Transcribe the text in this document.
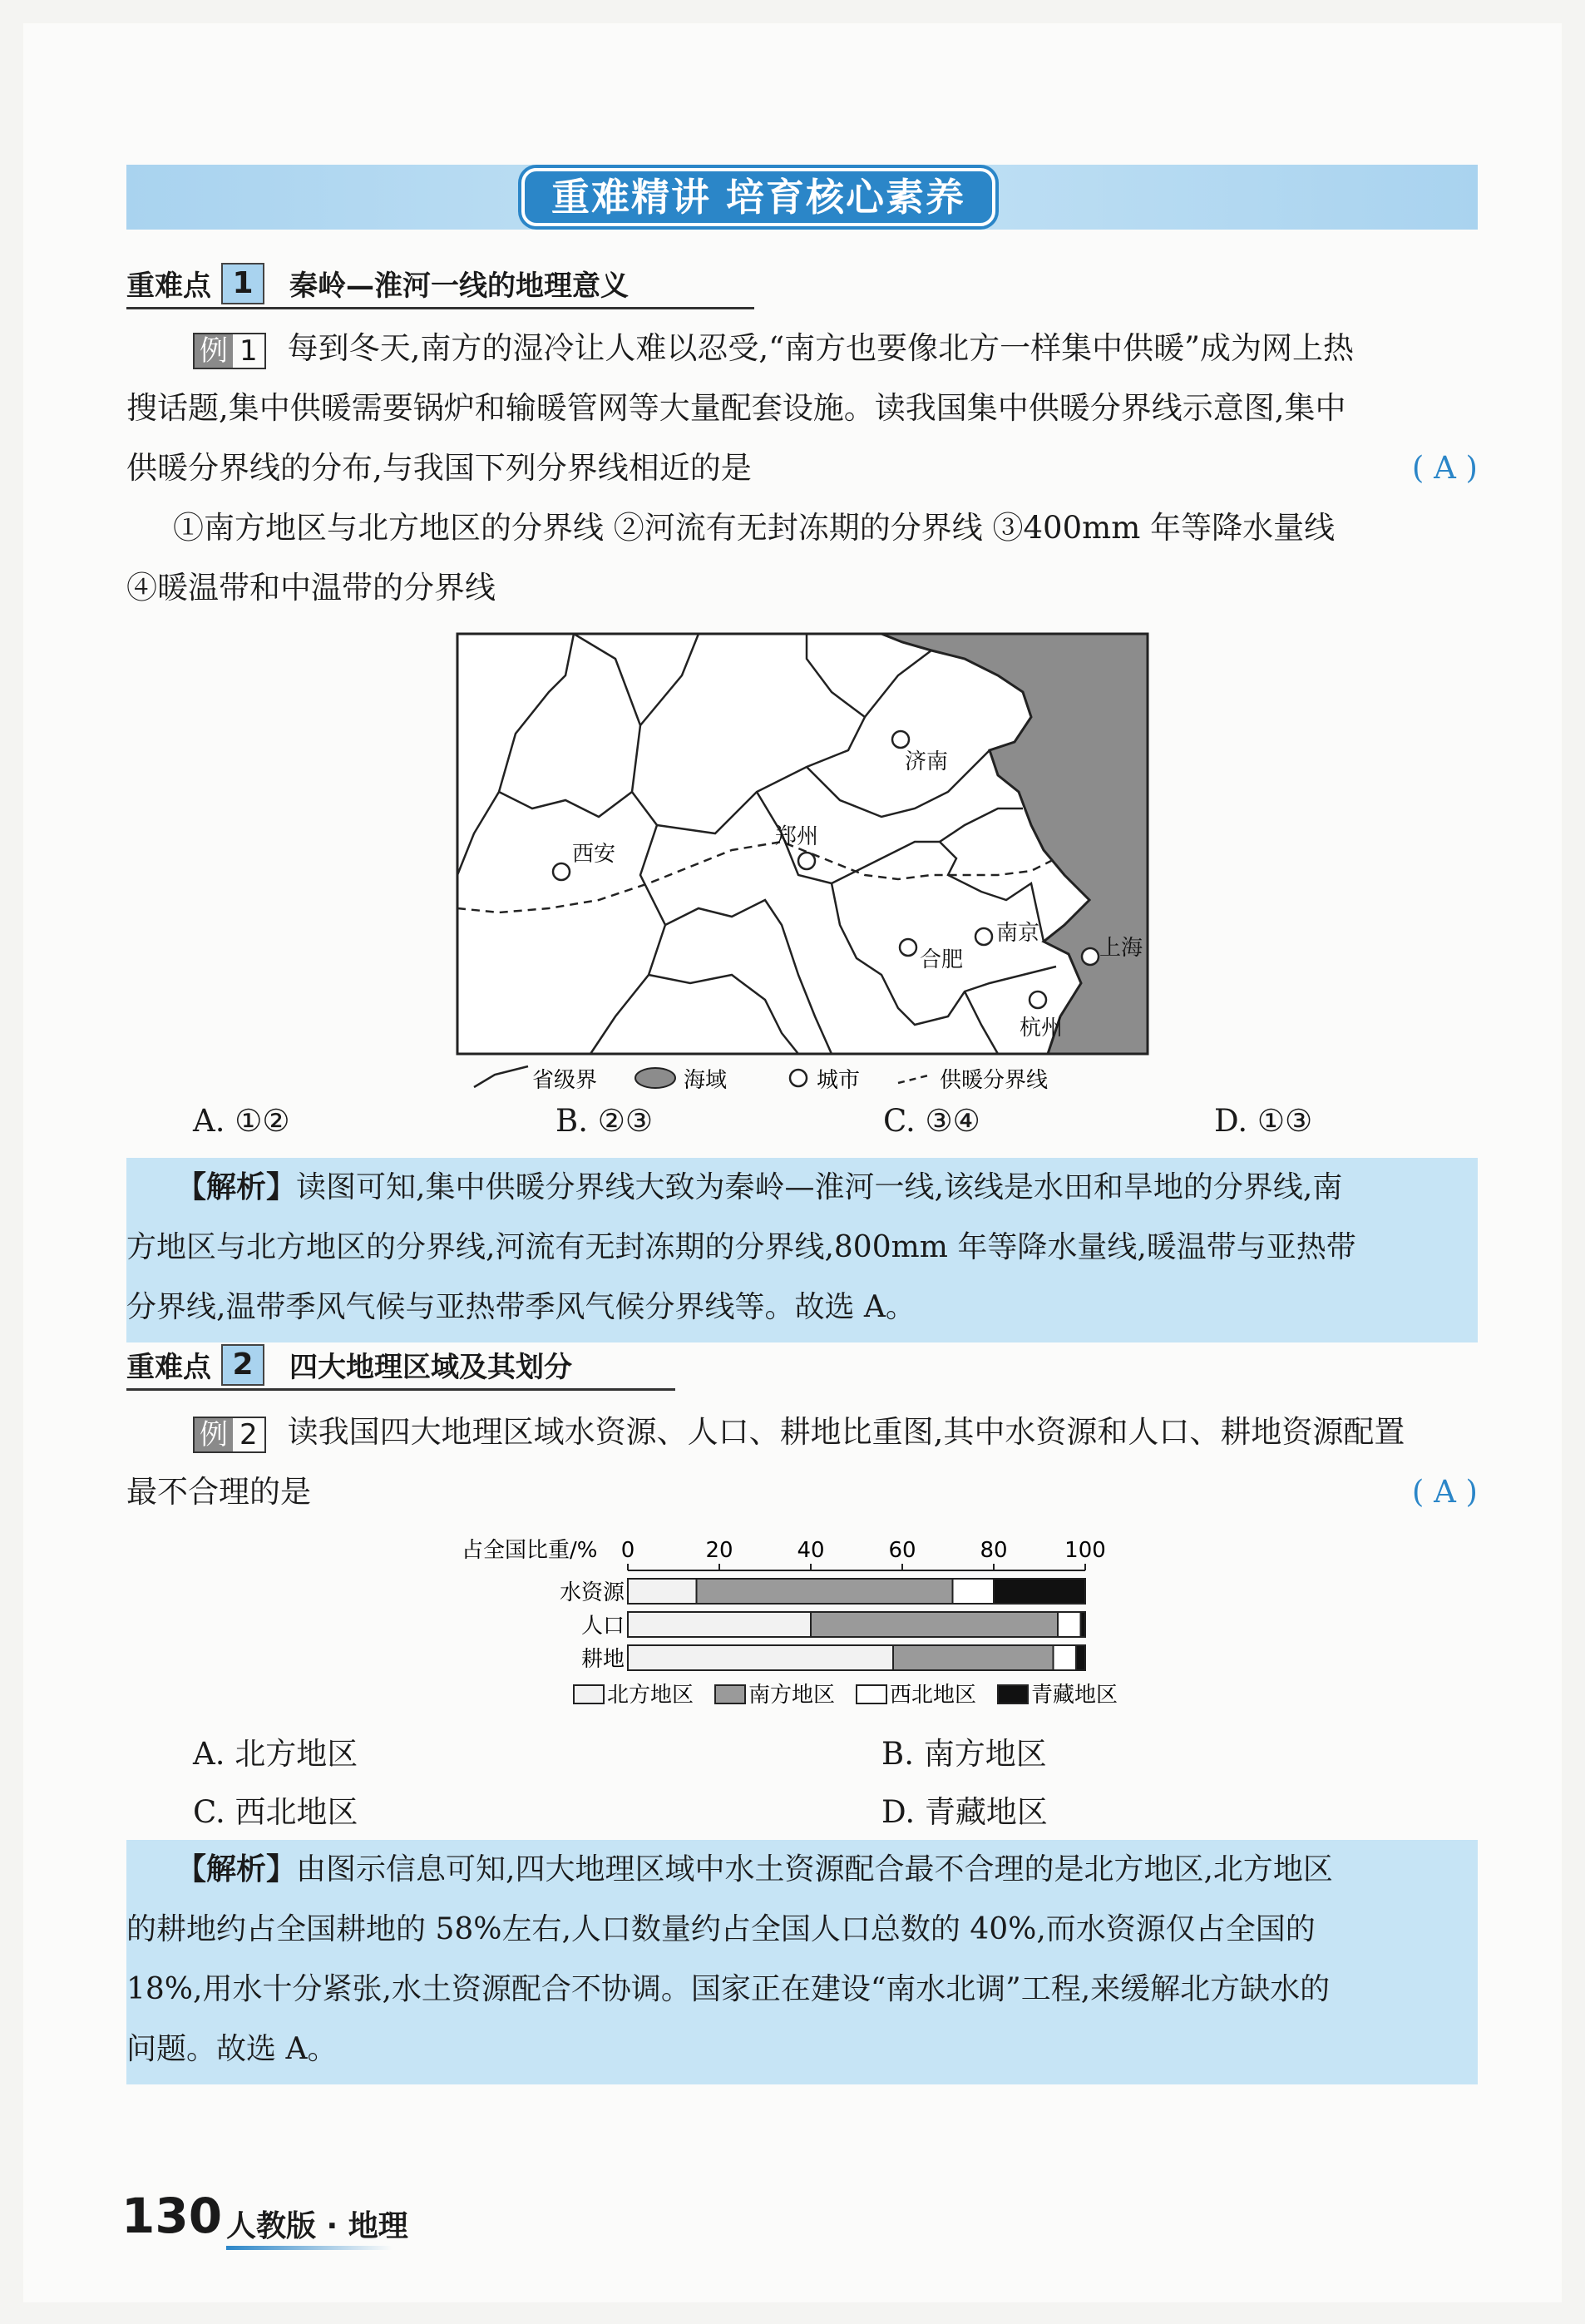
重难精讲 培育核心素养
重难点 1	秦岭—淮河一线的地理意义
例 1 每到冬天,南方的湿冷让人难以忍受,“南方也要像北方一样集中供暖”成为网上热
搜话题,集中供暖需要锅炉和输暖管网等大量配套设施。读我国集中供暖分界线示意图,集中
供暖分界线的分布,与我国下列分界线相近的是	( A )
①南方地区与北方地区的分界线 ②河流有无封冻期的分界线 ③400mm 年等降水量线
④暖温带和中温带的分界线
济南
郑州
西安
南京
合肥	上海
杭州
省级界	海域	城市	供暖分界线
A. ①②	B. ②③	C. ③④	D. ①③
【解析】读图可知,集中供暖分界线大致为秦岭—淮河一线,该线是水田和旱地的分界线,南
方地区与北方地区的分界线,河流有无封冻期的分界线,800mm 年等降水量线,暖温带与亚热带
分界线,温带季风气候与亚热带季风气候分界线等。故选 A。
重难点 2	四大地理区域及其划分
例 2 读我国四大地理区域水资源、人口、耕地比重图,其中水资源和人口、耕地资源配置
最不合理的是	( A )
占全国比重/% 0	20	40	60	80	100
水资源
人口
耕地
北方地区	南方地区	西北地区	青藏地区
A. 北方地区	B. 南方地区
C. 西北地区	D. 青藏地区
【解析】由图示信息可知,四大地理区域中水土资源配合最不合理的是北方地区,北方地区
的耕地约占全国耕地的 58%左右,人口数量约占全国人口总数的 40%,而水资源仅占全国的
18%,用水十分紧张,水土资源配合不协调。国家正在建设“南水北调”工程,来缓解北方缺水的
问题。故选 A。
130 人教版 · 地理
